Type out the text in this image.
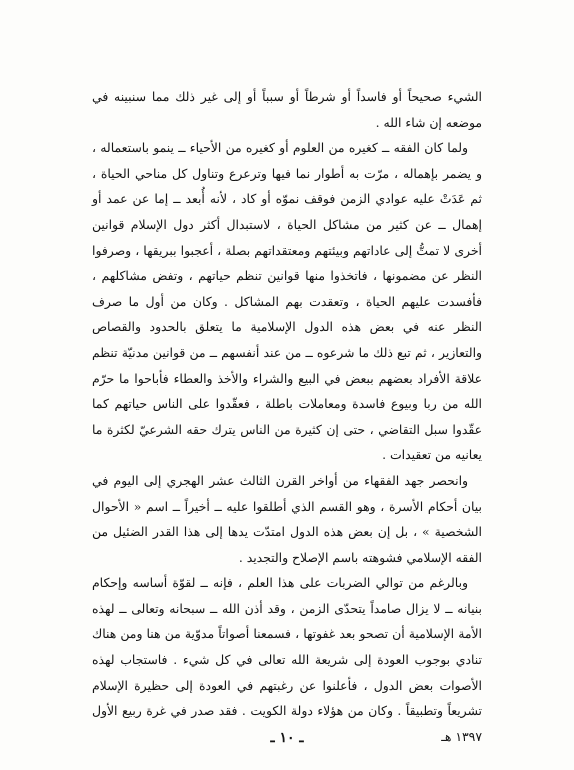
الشيء صحيحاً أو فاسداً أو شرطاً أو سبباً أو إلى غير ذلك مما سنبينه في موضعه إن شاء الله .

ولما كان الفقه ــ كغيره من العلوم أو كغيره من الأحياء ــ ينمو باستعماله ، و يضمر بإهماله ، مرّت به أطوار نما فيها وترعرع وتناول كل مناحي الحياة ، ثم عَدَتْ عليه عوادي الزمن فوقف نموّه أو كاد ، لأنه أُبعد ــ إما عن عمد أو إهمال ــ عن كثير من مشاكل الحياة ، لاستبدال أكثر دول الإسلام قوانين أخرى لا تمتُّ إلى عاداتهم وبيئتهم ومعتقداتهم بصلة ، أعجبوا ببريقها ، وصرفوا النظر عن مضمونها ، فاتخذوا منها قوانين تنظم حياتهم ، وتفض مشاكلهم ، فأفسدت عليهم الحياة ، وتعقدت بهم المشاكل . وكان من أول ما صرف النظر عنه في بعض هذه الدول الإسلامية ما يتعلق بالحدود والقصاص والتعازير ، ثم تبع ذلك ما شرعوه ــ من عند أنفسهم ــ من قوانين مدنيّة تنظم علاقة الأفراد بعضهم ببعض في البيع والشراء والأخذ والعطاء فأباحوا ما حرّم الله من ربا وبيوع فاسدة ومعاملات باطلة ، فعقّدوا على الناس حياتهم كما عقّدوا سبل التقاضي ، حتى إن كثيرة من الناس يترك حقه الشرعيّ لكثرة ما يعانيه من تعقيدات .

وانحصر جهد الفقهاء من أواخر القرن الثالث عشر الهجري إلى اليوم في بيان أحكام الأسرة ، وهو القسم الذي أطلقوا عليه ــ أخيراً ــ اسم « الأحوال الشخصية » ، بل إن بعض هذه الدول امتدّت يدها إلى هذا القدر الضئيل من الفقه الإسلامي فشوهته باسم الإصلاح والتجديد .

وبالرغم من توالي الضربات على هذا العلم ، فإنه ــ لقوّة أساسه وإحكام بنيانه ــ لا يزال صامداً يتحدّى الزمن ، وقد أذن الله ــ سبحانه وتعالى ــ لهذه الأمة الإسلامية أن تصحو بعد غفوتها ، فسمعنا أصواتاً مدوّية من هنا ومن هناك تنادي بوجوب العودة إلى شريعة الله تعالى في كل شيء . فاستجاب لهذه الأصوات بعض الدول ، فأعلنوا عن رغبتهم في العودة إلى حظيرة الإسلام تشريعاً وتطبيقاً . وكان من هؤلاء دولة الكويت . فقد صدر في غرة ربيع الأول ١٣٩٧ هـ

ـ ١٠ ـ
